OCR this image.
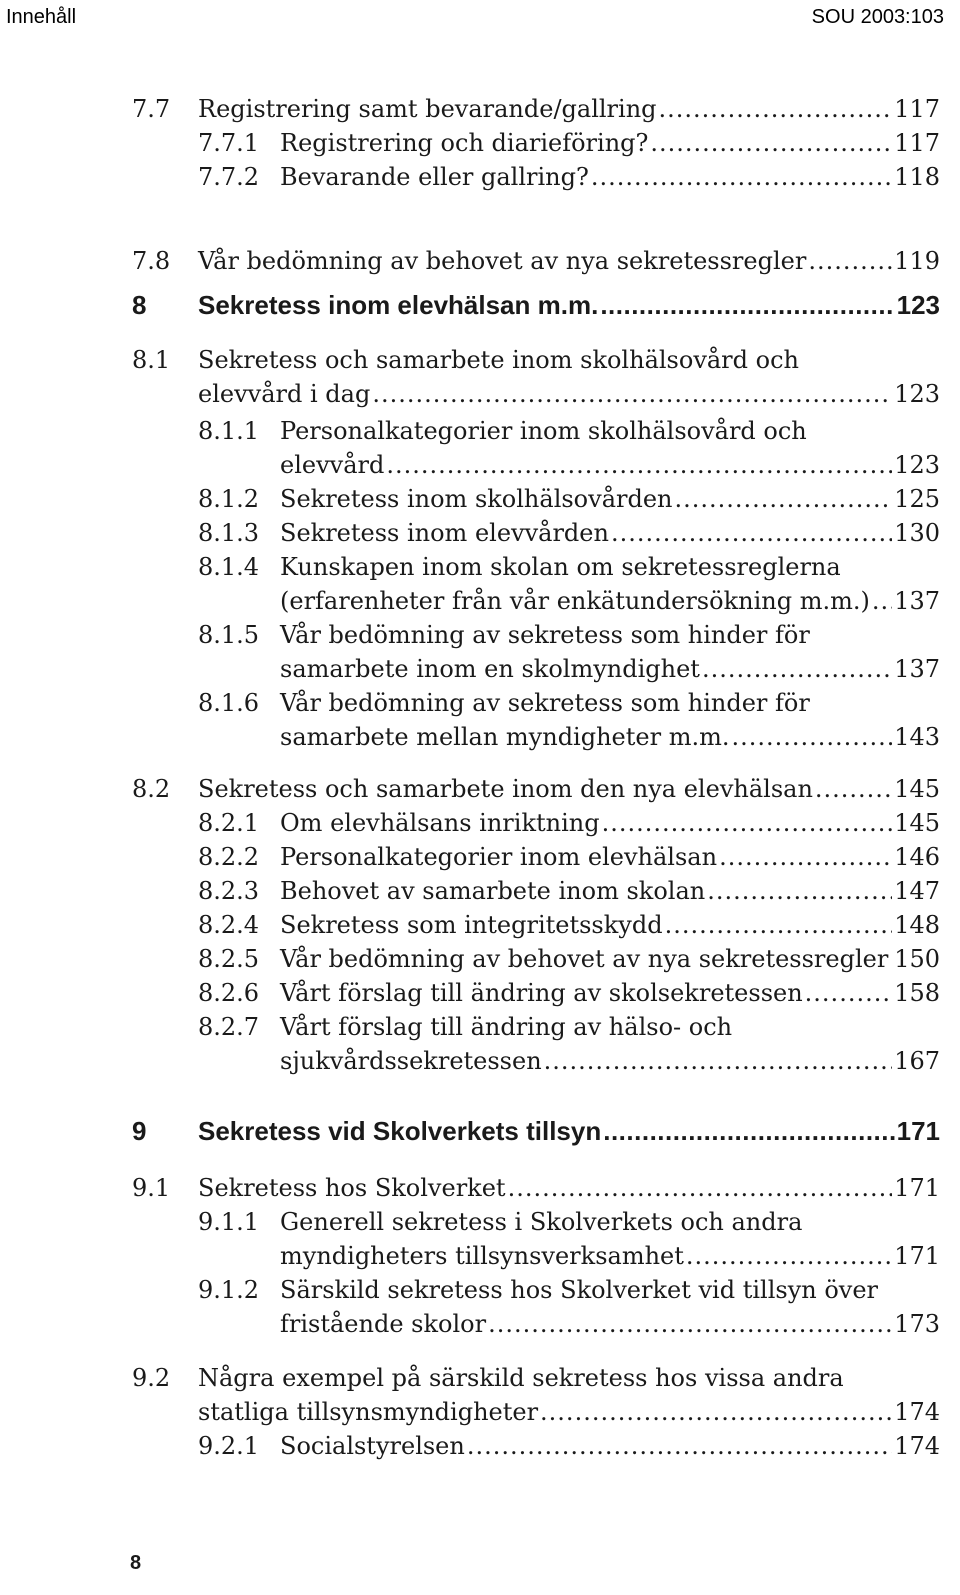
Innehåll	SOU 2003:103
7.7 Registrering samt bevarande/gallring .....	117
7.7.1 Registrering och diarieföring? .....	117
7.7.2 Bevarande eller gallring? .....	118
7.8 Vår bedömning av behovet av nya sekretessregler .....	119
8 Sekretess inom elevhälsan m.m. .....	123
8.1 Sekretess och samarbete inom skolhälsovård och
elevvård i dag .....	123
8.1.1 Personalkategorier inom skolhälsovård och
elevvård .....	123
8.1.2 Sekretess inom skolhälsovården .....	125
8.1.3 Sekretess inom elevvården .....	130
8.1.4 Kunskapen inom skolan om sekretessreglerna
(erfarenheter från vår enkätundersökning m.m.) ..... 137
8.1.5 Vår bedömning av sekretess som hinder för
samarbete inom en skolmyndighet .....	137
8.1.6 Vår bedömning av sekretess som hinder för
samarbete mellan myndigheter m.m. .....	143
8.2 Sekretess och samarbete inom den nya elevhälsan .....	145
8.2.1 Om elevhälsans inriktning .....	145
8.2.2 Personalkategorier inom elevhälsan .....	146
8.2.3 Behovet av samarbete inom skolan .....	147
8.2.4 Sekretess som integritetsskydd .....	148
8.2.5 Vår bedömning av behovet av nya sekretessregler ..... 150
8.2.6 Vårt förslag till ändring av skolsekretessen .....	158
8.2.7 Vårt förslag till ändring av hälso- och
sjukvårdssekretessen .....	167
9 Sekretess vid Skolverkets tillsyn .....	171
9.1 Sekretess hos Skolverket .....	171
9.1.1 Generell sekretess i Skolverkets och andra
myndigheters tillsynsverksamhet .....	171
9.1.2 Särskild sekretess hos Skolverket vid tillsyn över
fristående skolor .....	173
9.2 Några exempel på särskild sekretess hos vissa andra
statliga tillsynsmyndigheter .....	174
9.2.1 Socialstyrelsen .....	174
8
